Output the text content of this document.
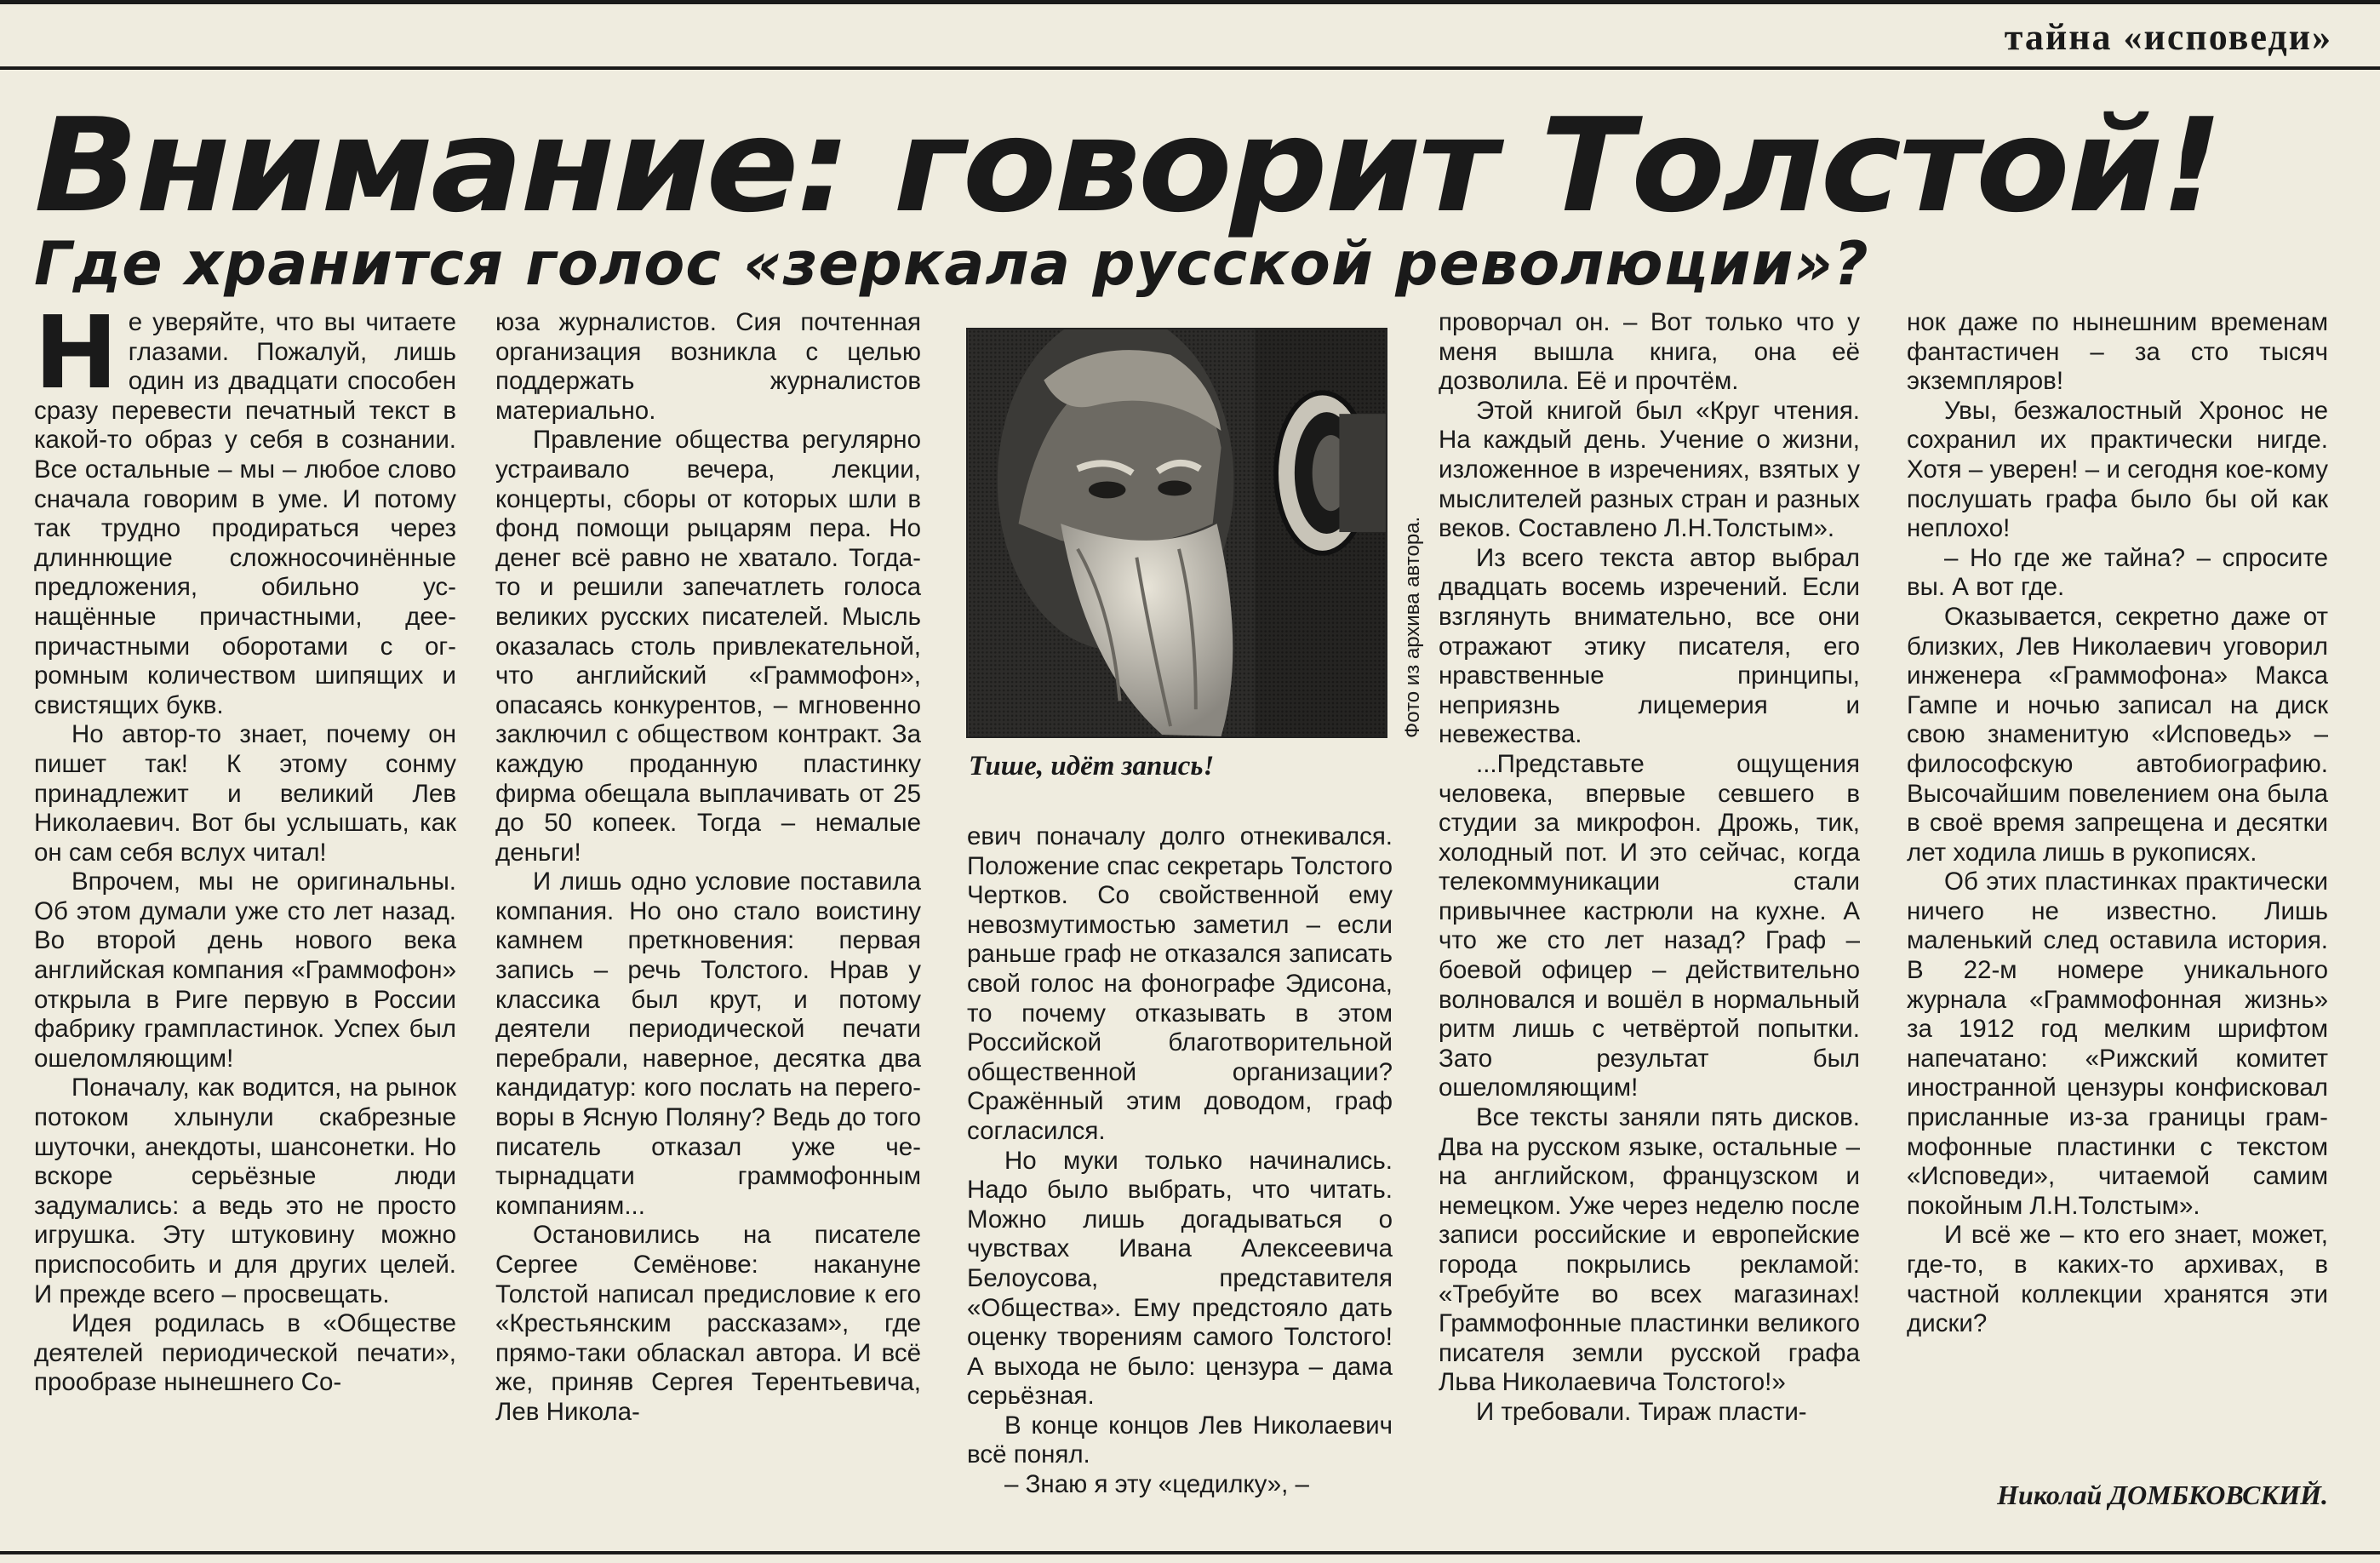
тайна «исповеди»
Внимание: говорит Толстой!
Где хранится голос «зеркала русской революции»?

Не уверяйте, что вы читаете глазами. Пожалуй, лишь один из двадцати способен сразу перевести печатный текст в какой-то образ у себя в сознании. Все остальные – мы – любое слово сначала говорим в уме. И потому так трудно продираться через длиннющие сложносочинённые предложения, обильно уснащённые причастными, деепричастными оборотами с огромным количеством шипящих и свистящих букв.

Но автор-то знает, почему он пишет так! К этому сонму принадлежит и великий Лев Николаевич. Вот бы услышать, как он сам себя вслух читал!

Впрочем, мы не оригинальны. Об этом думали уже сто лет назад. Во второй день нового века английская компания «Граммофон» открыла в Риге первую в России фабрику грампластинок. Успех был ошеломляющим!

Поначалу, как водится, на рынок потоком хлынули скабрезные шуточки, анекдоты, шансонетки. Но вскоре серьёзные люди задумались: а ведь это не просто игрушка. Эту штуковину можно приспособить и для других целей. И прежде всего – просвещать.

Идея родилась в «Обществе деятелей периодической печати», прообразе нынешнего Со-

юза журналистов. Сия почтенная организация возникла с целью поддержать журналистов материально.

Правление общества регулярно устраивало вечера, лекции, концерты, сборы от которых шли в фонд помощи рыцарям пера. Но денег всё равно не хватало. Тогда-то и решили запечатлеть голоса великих русских писателей. Мысль оказалась столь привлекательной, что английский «Граммофон», опасаясь конкурентов, – мгновенно заключил с обществом контракт. За каждую проданную пластинку фирма обещала выплачивать от 25 до 50 копеек. Тогда – немалые деньги!

И лишь одно условие поставила компания. Но оно стало воистину камнем преткновения: первая запись – речь Толстого. Нрав у классика был крут, и потому деятели периодической печати перебрали, наверное, десятка два кандидатур: кого послать на переговоры в Ясную Поляну? Ведь до того писатель отказал уже четырнадцати граммофонным компаниям...

Остановились на писателе Сергее Семёнове: накануне Толстой написал предисловие к его «Крестьянским рассказам», где прямо-таки обласкал автора. И всё же, приняв Сергея Терентьевича, Лев Никола-

Фото из архива автора.
Тише, идёт запись!

евич поначалу долго отнекивался. Положение спас секретарь Толстого Чертков. Со свойственной ему невозмутимостью заметил – если раньше граф не отказался записать свой голос на фонографе Эдисона, то почему отказывать в этом Российской благотворительной общественной организации? Сражённый этим доводом, граф согласился.

Но муки только начинались. Надо было выбрать, что читать. Можно лишь догадываться о чувствах Ивана Алексеевича Белоусова, представителя «Общества». Ему предстояло дать оценку творениям самого Толстого! А выхода не было: цензура – дама серьёзная.

В конце концов Лев Николаевич всё понял.

– Знаю я эту «цедилку», –

проворчал он. – Вот только что у меня вышла книга, она её дозволила. Её и прочтём.

Этой книгой был «Круг чтения. На каждый день. Учение о жизни, изложенное в изречениях, взятых у мыслителей разных стран и разных веков. Составлено Л.Н.Толстым».

Из всего текста автор выбрал двадцать восемь изречений. Если взглянуть внимательно, все они отражают этику писателя, его нравственные принципы, неприязнь лицемерия и невежества.

...Представьте ощущения человека, впервые севшего в студии за микрофон. Дрожь, тик, холодный пот. И это сейчас, когда телекоммуникации стали привычнее кастрюли на кухне. А что же сто лет назад? Граф – боевой офицер – действительно волновался и вошёл в нормальный ритм лишь с четвёртой попытки. Зато результат был ошеломляющим!

Все тексты заняли пять дисков. Два на русском языке, остальные – на английском, французском и немецком. Уже через неделю после записи российские и европейские города покрылись рекламой: «Требуйте во всех магазинах! Граммофонные пластинки великого писателя земли русской графа Льва Николаевича Толстого!»

И требовали. Тираж пласти-

нок даже по нынешним временам фантастичен – за сто тысяч экземпляров!

Увы, безжалостный Хронос не сохранил их практически нигде. Хотя – уверен! – и сегодня кое-кому послушать графа было бы ой как неплохо!

– Но где же тайна? – спросите вы. А вот где.

Оказывается, секретно даже от близких, Лев Николаевич уговорил инженера «Граммофона» Макса Гампе и ночью записал на диск свою знаменитую «Исповедь» – философскую автобиографию. Высочайшим повелением она была в своё время запрещена и десятки лет ходила лишь в рукописях.

Об этих пластинках практически ничего не известно. Лишь маленький след оставила история. В 22-м номере уникального журнала «Граммофонная жизнь» за 1912 год мелким шрифтом напечатано: «Рижский комитет иностранной цензуры конфисковал присланные из-за границы граммофонные пластинки с текстом «Исповеди», читаемой самим покойным Л.Н.Толстым».

И всё же – кто его знает, может, где-то, в каких-то архивах, в частной коллекции хранятся эти диски?

Николай ДОМБКОВСКИЙ.
